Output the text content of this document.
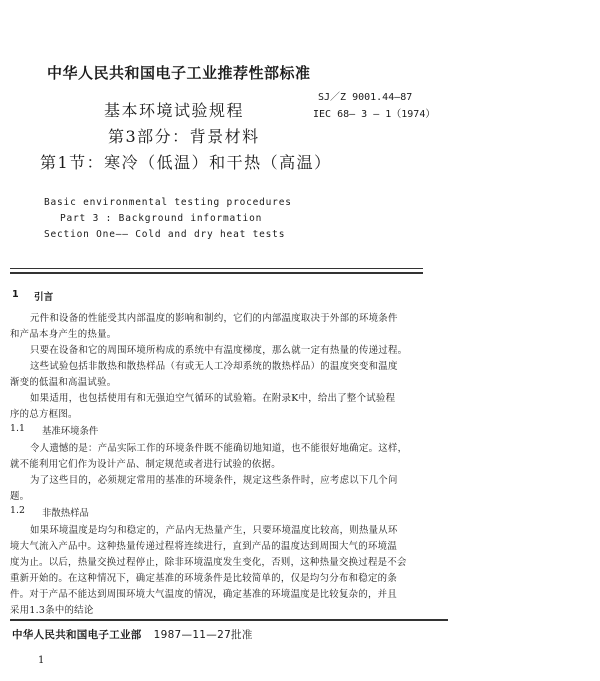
中华人民共和国电子工业推荐性部标准
SJ／Z 9001.44—87
IEC 68— 3 — 1（1974）
基本环境试验规程
第3部分：背景材料
第1节：寒冷（低温）和干热（高温）
Basic environmental testing procedures
Part 3 : Background information
Section One—— Cold and dry heat tests
1 引言
元件和设备的性能受其内部温度的影响和制约，它们的内部温度取决于外部的环境条件
和产品本身产生的热量。
只要在设备和它的周围环境所构成的系统中有温度梯度，那么就一定有热量的传递过程。
这些试验包括非散热和散热样品（有或无人工冷却系统的散热样品）的温度突变和温度
渐变的低温和高温试验。
如果适用，也包括使用有和无强迫空气循环的试验箱。在附录K中，给出了整个试验程
序的总方框图。
1.1 基准环境条件
令人遗憾的是：产品实际工作的环境条件既不能确切地知道，也不能很好地确定。这样，
就不能利用它们作为设计产品、制定规范或者进行试验的依据。
为了这些目的，必须规定常用的基准的环境条件，规定这些条件时，应考虑以下几个问
题。
1.2 非散热样品
如果环境温度是均匀和稳定的，产品内无热量产生，只要环境温度比较高，则热量从环
境大气流入产品中。这种热量传递过程将连续进行，直到产品的温度达到周围大气的环境温
度为止。以后，热量交换过程停止，除非环境温度发生变化，否则，这种热量交换过程是不会
重新开始的。在这种情况下，确定基准的环境条件是比较简单的，仅是均匀分布和稳定的条
件。对于产品不能达到周围环境大气温度的情况，确定基准的环境温度是比较复杂的，并且
采用1.3条中的结论
中华人民共和国电子工业部 1987—11—27批准
1
